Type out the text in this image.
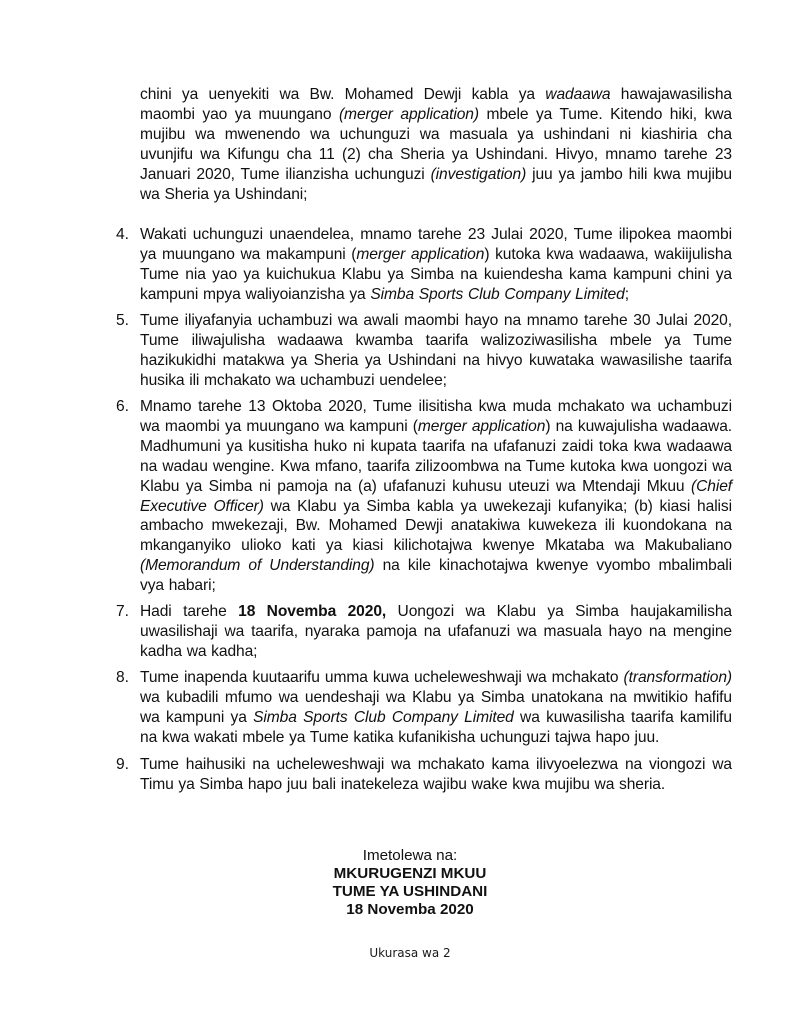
chini ya uenyekiti wa Bw. Mohamed Dewji kabla ya wadaawa hawajawasilisha maombi yao ya muungano (merger application) mbele ya Tume. Kitendo hiki, kwa mujibu wa mwenendo wa uchunguzi wa masuala ya ushindani ni kiashiria cha uvunjifu wa Kifungu cha 11 (2) cha Sheria ya Ushindani. Hivyo, mnamo tarehe 23 Januari 2020, Tume ilianzisha uchunguzi (investigation) juu ya jambo hili kwa mujibu wa Sheria ya Ushindani;
4. Wakati uchunguzi unaendelea, mnamo tarehe 23 Julai 2020, Tume ilipokea maombi ya muungano wa makampuni (merger application) kutoka kwa wadaawa, wakiijulisha Tume nia yao ya kuichukua Klabu ya Simba na kuiendesha kama kampuni chini ya kampuni mpya waliyoianzisha ya Simba Sports Club Company Limited;
5. Tume iliyafanyia uchambuzi wa awali maombi hayo na mnamo tarehe 30 Julai 2020, Tume iliwajulisha wadaawa kwamba taarifa walizoziwasilisha mbele ya Tume hazikukidhi matakwa ya Sheria ya Ushindani na hivyo kuwataka wawasilishe taarifa husika ili mchakato wa uchambuzi uendelee;
6. Mnamo tarehe 13 Oktoba 2020, Tume ilisitisha kwa muda mchakato wa uchambuzi wa maombi ya muungano wa kampuni (merger application) na kuwajulisha wadaawa. Madhumuni ya kusitisha huko ni kupata taarifa na ufafanuzi zaidi toka kwa wadaawa na wadau wengine. Kwa mfano, taarifa zilizoombwa na Tume kutoka kwa uongozi wa Klabu ya Simba ni pamoja na (a) ufafanuzi kuhusu uteuzi wa Mtendaji Mkuu (Chief Executive Officer) wa Klabu ya Simba kabla ya uwekezaji kufanyika; (b) kiasi halisi ambacho mwekezaji, Bw. Mohamed Dewji anatakiwa kuwekeza ili kuondokana na mkanganyiko ulioko kati ya kiasi kilichotajwa kwenye Mkataba wa Makubaliano (Memorandum of Understanding) na kile kinachotajwa kwenye vyombo mbalimbali vya habari;
7. Hadi tarehe 18 Novemba 2020, Uongozi wa Klabu ya Simba haujakamilisha uwasilishaji wa taarifa, nyaraka pamoja na ufafanuzi wa masuala hayo na mengine kadha wa kadha;
8. Tume inapenda kuutaarifu umma kuwa ucheleweshwaji wa mchakato (transformation) wa kubadili mfumo wa uendeshaji wa Klabu ya Simba unatokana na mwitikio hafifu wa kampuni ya Simba Sports Club Company Limited wa kuwasilisha taarifa kamilifu na kwa wakati mbele ya Tume katika kufanikisha uchunguzi tajwa hapo juu.
9. Tume haihusiki na ucheleweshwaji wa mchakato kama ilivyoelezwa na viongozi wa Timu ya Simba hapo juu bali inatekeleza wajibu wake kwa mujibu wa sheria.
Imetolewa na:
MKURUGENZI MKUU
TUME YA USHINDANI
18 Novemba 2020
Ukurasa wa 2
